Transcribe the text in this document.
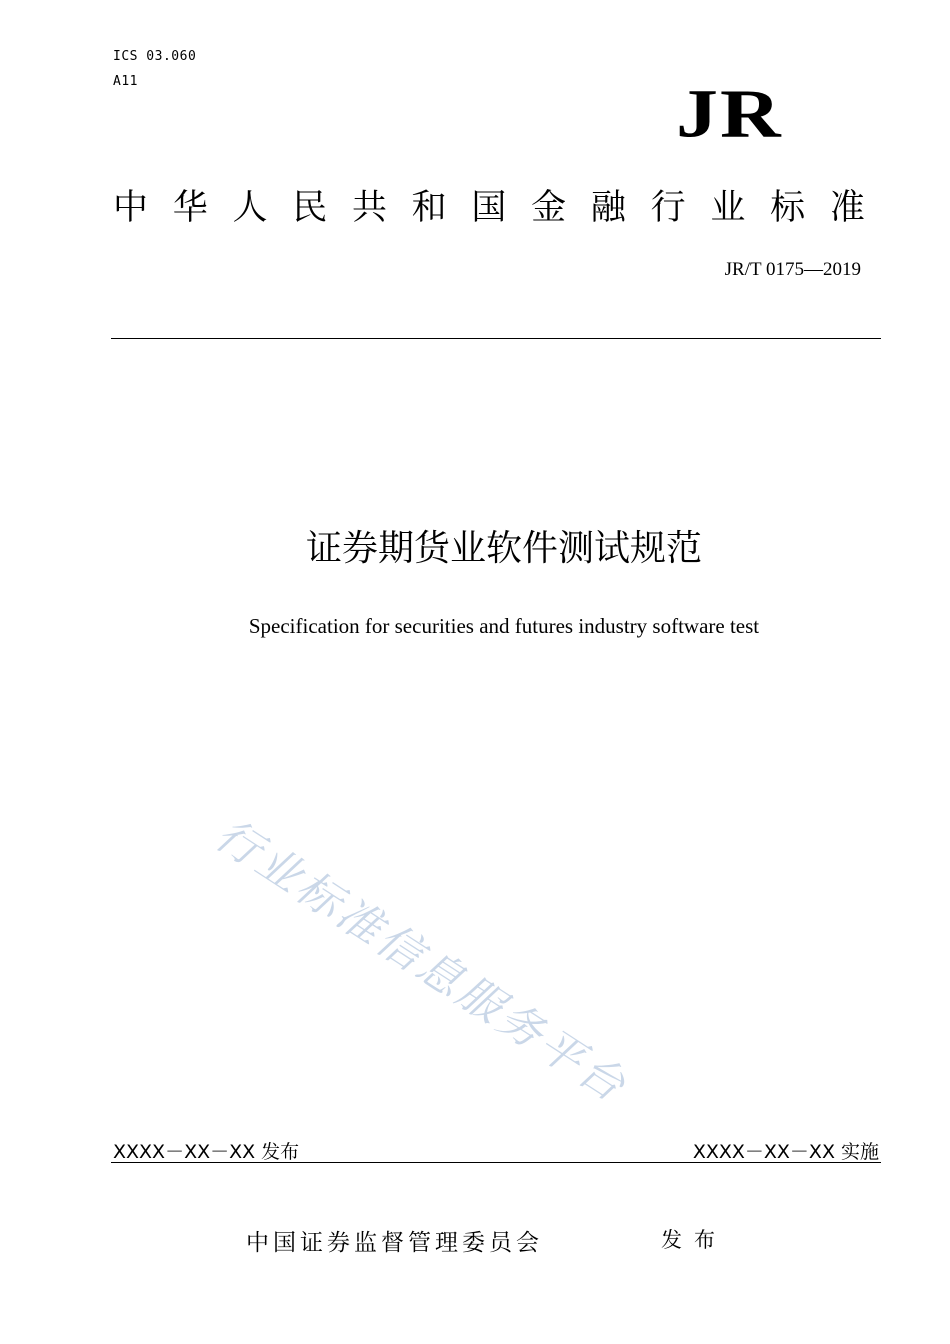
ICS 03.060
A11	JR
中 华 人 民 共 和 国 金 融 行 业 标 准
JR/T 0175—2019
证券期货业软件测试规范
Specification for securities and futures industry software test
行业标准信息服务平台
XXXX－XX－XX 发布	XXXX－XX－XX 实施
中国证券监督管理委员会	发布
